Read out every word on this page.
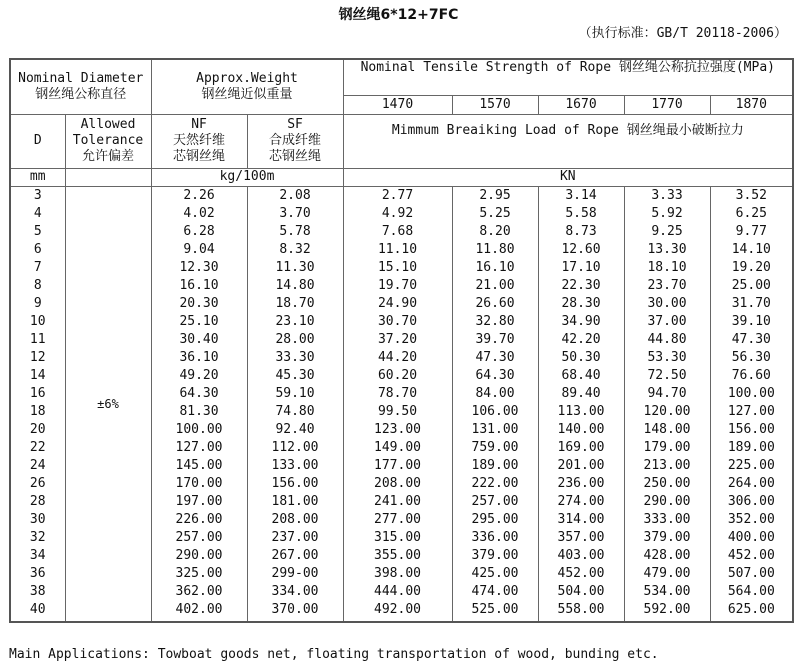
钢丝绳6*12+7FC
（执行标准：GB/T 20118-2006）
Nominal Diameter
钢丝绳公称直径

Approx.Weight
钢丝绳近似重量
	Nominal Tensile Strength of Rope 钢丝绳公称抗拉强度(MPa)
				1470	1570	1670	1770	1870
D	
Allowed
Tolerance
允许偏差

NF
天然纤维
芯钢丝绳

SF
合成纤维
芯钢丝绳
	Mimmum Breaiking Load of Rope 钢丝绳最小破断拉力
mm		kg/100m		KN				
3	±6%	2.26	2.08	2.77	2.95	3.14	3.33	3.52
4		4.02	3.70	4.92	5.25	5.58	5.92	6.25
5		6.28	5.78	7.68	8.20	8.73	9.25	9.77
6		9.04	8.32	11.10	11.80	12.60	13.30	14.10
7		12.30	11.30	15.10	16.10	17.10	18.10	19.20
8		16.10	14.80	19.70	21.00	22.30	23.70	25.00
9		20.30	18.70	24.90	26.60	28.30	30.00	31.70
10		25.10	23.10	30.70	32.80	34.90	37.00	39.10
11		30.40	28.00	37.20	39.70	42.20	44.80	47.30
12		36.10	33.30	44.20	47.30	50.30	53.30	56.30
14		49.20	45.30	60.20	64.30	68.40	72.50	76.60
16		64.30	59.10	78.70	84.00	89.40	94.70	100.00
18		81.30	74.80	99.50	106.00	113.00	120.00	127.00
20		100.00	92.40	123.00	131.00	140.00	148.00	156.00
22		127.00	112.00	149.00	759.00	169.00	179.00	189.00
24		145.00	133.00	177.00	189.00	201.00	213.00	225.00
26		170.00	156.00	208.00	222.00	236.00	250.00	264.00
28		197.00	181.00	241.00	257.00	274.00	290.00	306.00
30		226.00	208.00	277.00	295.00	314.00	333.00	352.00
32		257.00	237.00	315.00	336.00	357.00	379.00	400.00
34		290.00	267.00	355.00	379.00	403.00	428.00	452.00
36		325.00	299-00	398.00	425.00	452.00	479.00	507.00
38		362.00	334.00	444.00	474.00	504.00	534.00	564.00
40		402.00	370.00	492.00	525.00	558.00	592.00	625.00
Main Applications: Towboat goods net, floating transportation of wood, bunding etc.
